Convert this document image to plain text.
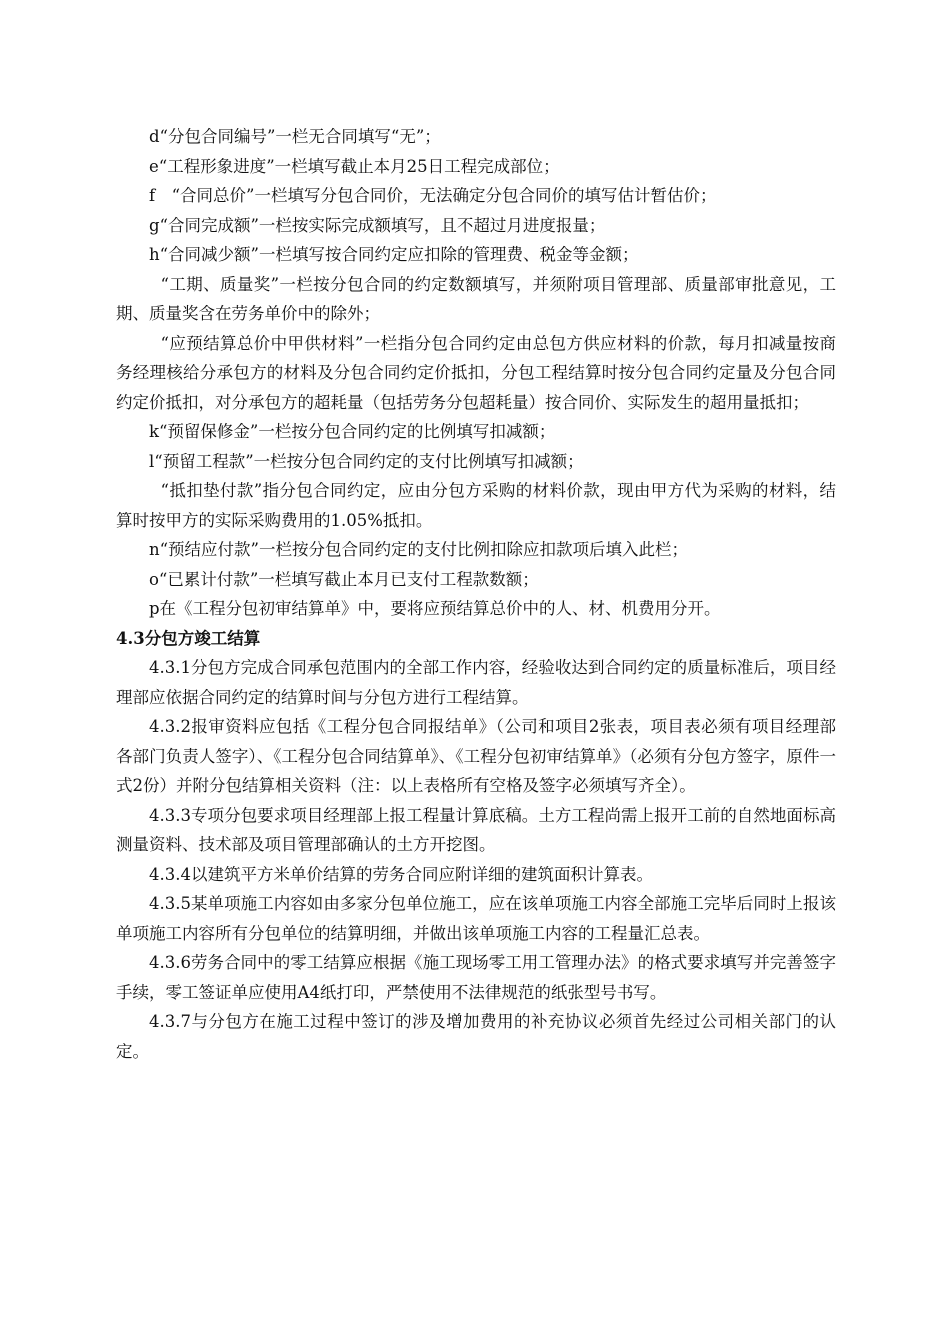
d“分包合同编号”一栏无合同填写“无”；

e“工程形象进度”一栏填写截止本月25日工程完成部位；

f　“合同总价”一栏填写分包合同价，无法确定分包合同价的填写估计暂估价；

g“合同完成额”一栏按实际完成额填写，且不超过月进度报量；

h“合同减少额”一栏填写按合同约定应扣除的管理费、税金等金额；

“工期、质量奖”一栏按分包合同的约定数额填写，并须附项目管理部、质量部审批意见，工期、质量奖含在劳务单价中的除外；

“应预结算总价中甲供材料”一栏指分包合同约定由总包方供应材料的价款，每月扣减量按商务经理核给分承包方的材料及分包合同约定价抵扣，分包工程结算时按分包合同约定量及分包合同约定价抵扣，对分承包方的超耗量（包括劳务分包超耗量）按合同价、实际发生的超用量抵扣；

k“预留保修金”一栏按分包合同约定的比例填写扣减额；

l“预留工程款”一栏按分包合同约定的支付比例填写扣减额；

“抵扣垫付款”指分包合同约定，应由分包方采购的材料价款，现由甲方代为采购的材料，结算时按甲方的实际采购费用的1.05%抵扣。

n“预结应付款”一栏按分包合同约定的支付比例扣除应扣款项后填入此栏；

o“已累计付款”一栏填写截止本月已支付工程款数额；

p在《工程分包初审结算单》中，要将应预结算总价中的人、材、机费用分开。

4.3分包方竣工结算

4.3.1分包方完成合同承包范围内的全部工作内容，经验收达到合同约定的质量标准后，项目经理部应依据合同约定的结算时间与分包方进行工程结算。

4.3.2报审资料应包括《工程分包合同报结单》（公司和项目2张表，项目表必须有项目经理部各部门负责人签字）、《工程分包合同结算单》、《工程分包初审结算单》（必须有分包方签字，原件一式2份）并附分包结算相关资料（注：以上表格所有空格及签字必须填写齐全）。

4.3.3专项分包要求项目经理部上报工程量计算底稿。土方工程尚需上报开工前的自然地面标高测量资料、技术部及项目管理部确认的土方开挖图。

4.3.4以建筑平方米单价结算的劳务合同应附详细的建筑面积计算表。

4.3.5某单项施工内容如由多家分包单位施工，应在该单项施工内容全部施工完毕后同时上报该单项施工内容所有分包单位的结算明细，并做出该单项施工内容的工程量汇总表。

4.3.6劳务合同中的零工结算应根据《施工现场零工用工管理办法》的格式要求填写并完善签字手续，零工签证单应使用A4纸打印，严禁使用不法律规范的纸张型号书写。

4.3.7与分包方在施工过程中签订的涉及增加费用的补充协议必须首先经过公司相关部门的认定。
